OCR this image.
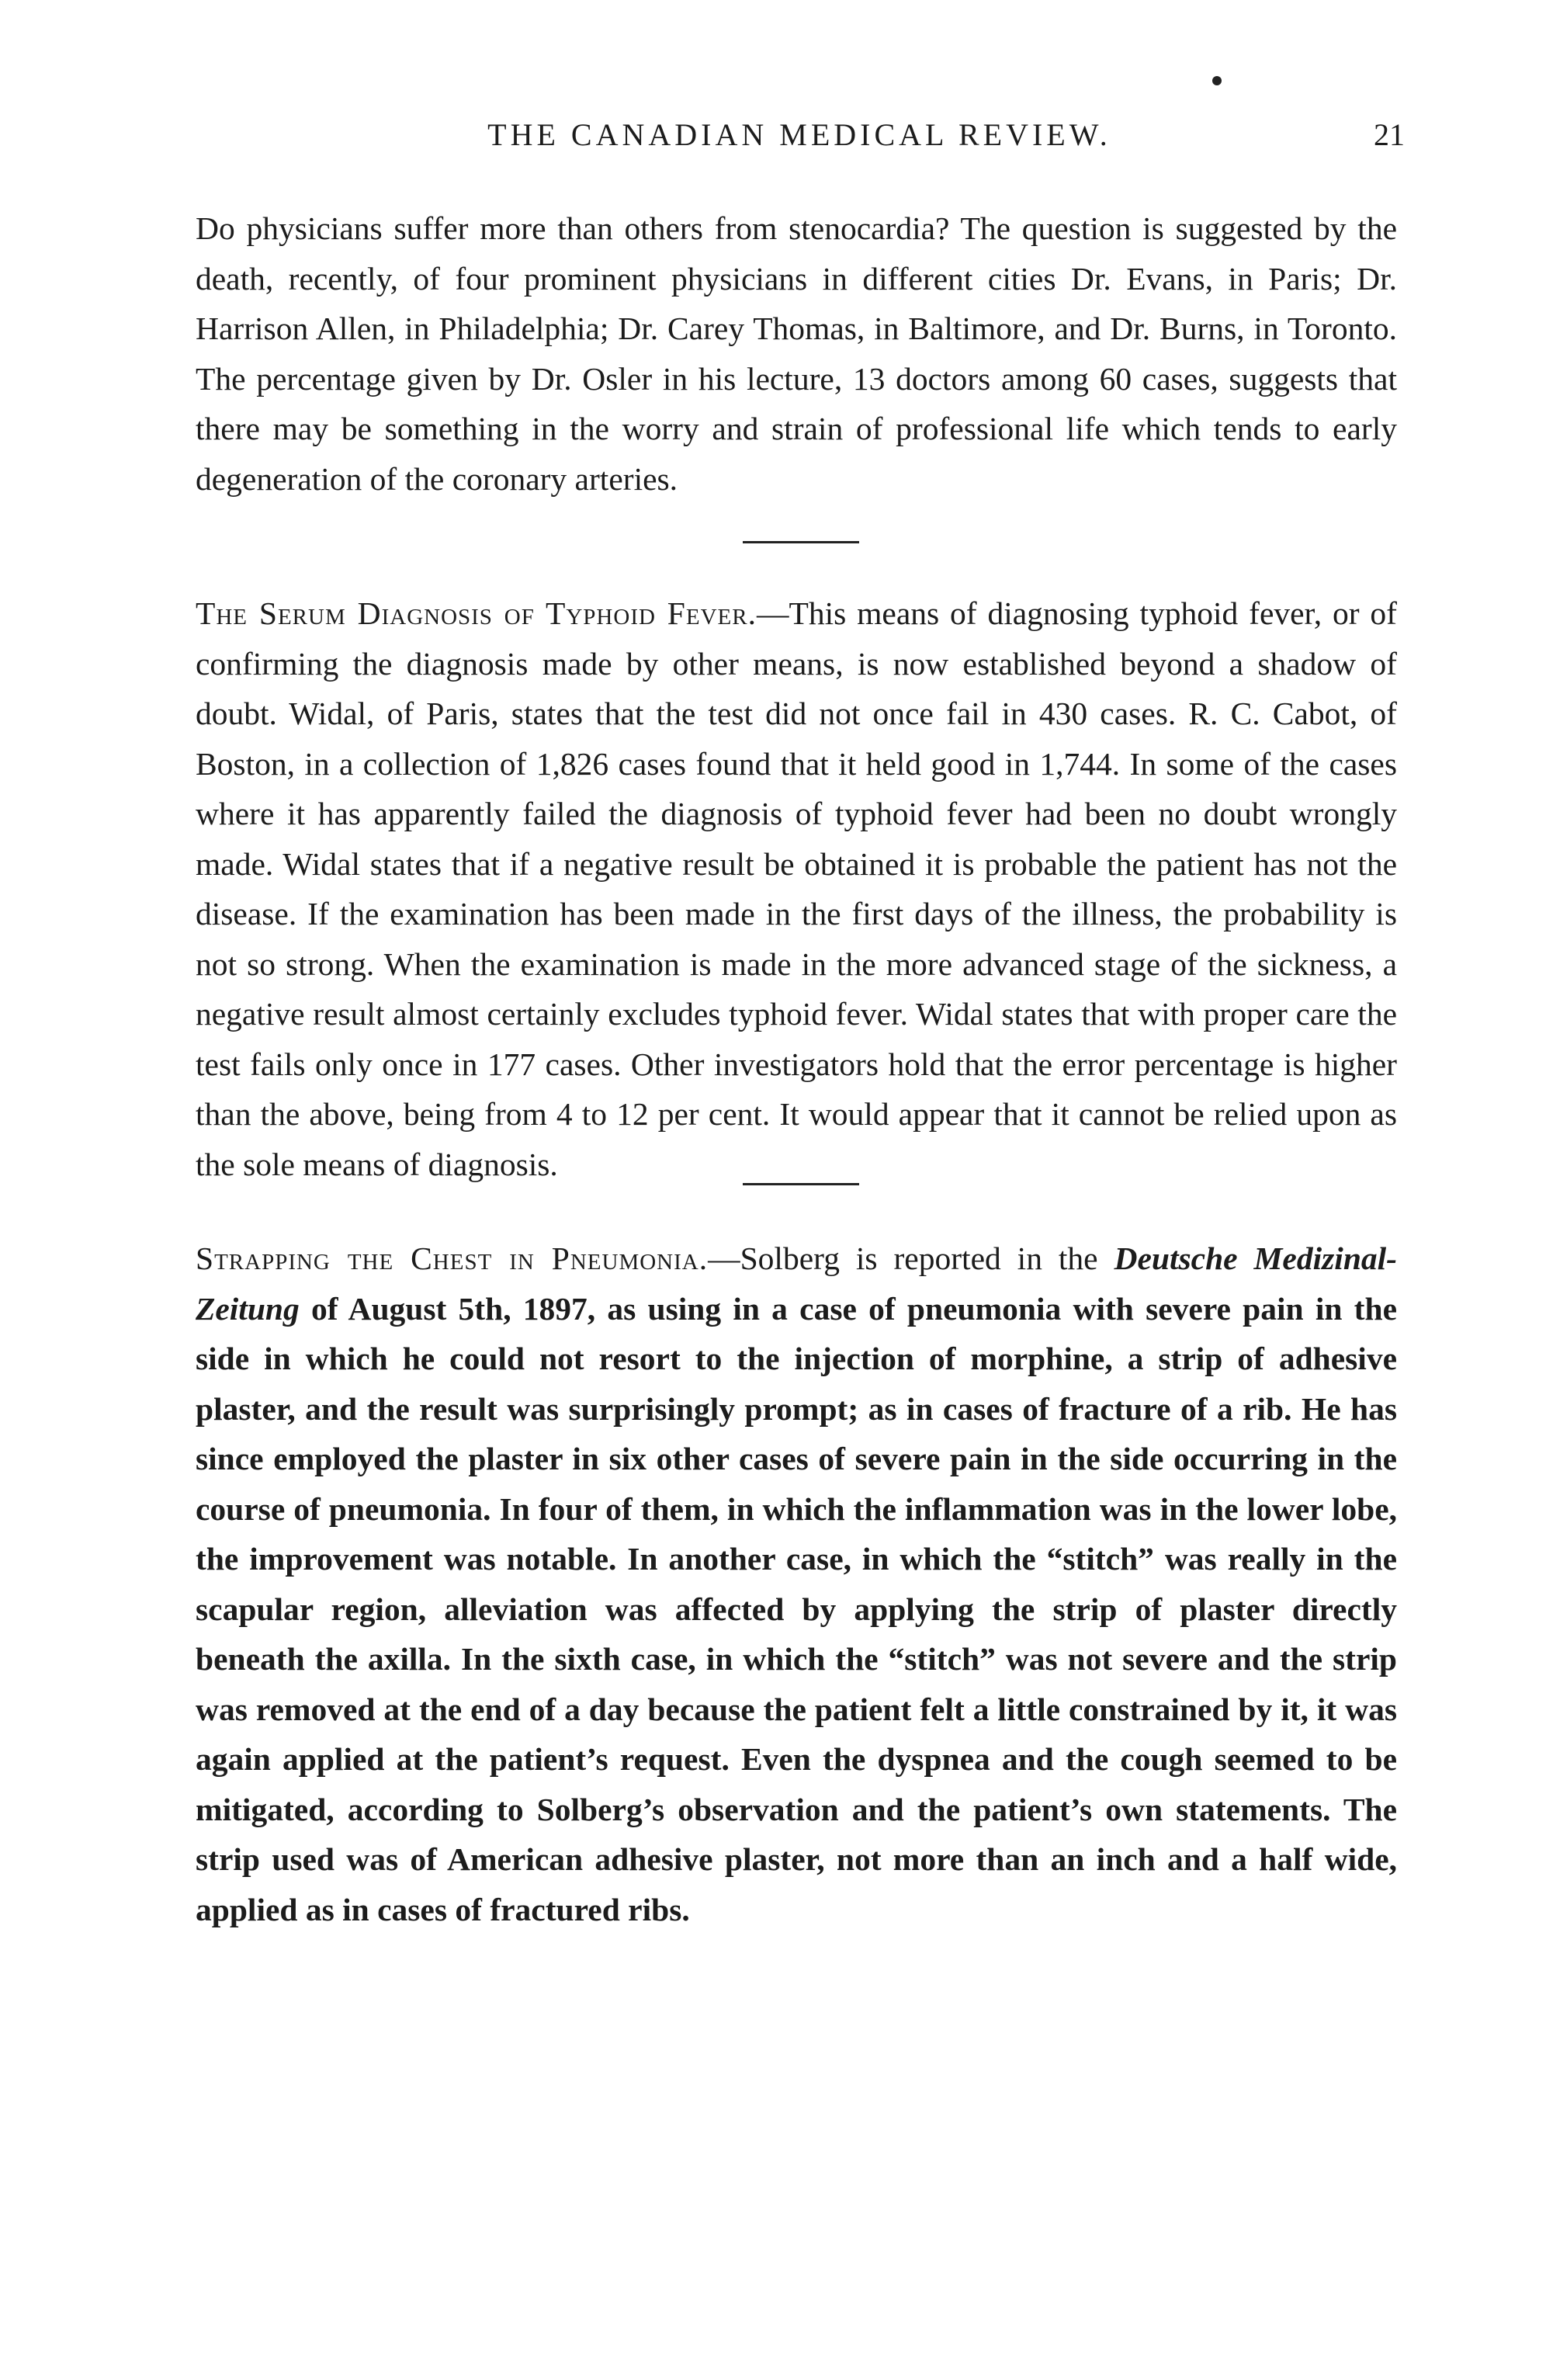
THE CANADIAN MEDICAL REVIEW.	21

Do physicians suffer more than others from stenocardia? The question is suggested by the death, recently, of four prominent physicians in different cities Dr. Evans, in Paris; Dr. Harrison Allen, in Philadelphia; Dr. Carey Thomas, in Baltimore, and Dr. Burns, in Toronto. The percentage given by Dr. Osler in his lecture, 13 doctors among 60 cases, suggests that there may be something in the worry and strain of professional life which tends to early degeneration of the coronary arteries.

The Serum Diagnosis of Typhoid Fever.—This means of diagnosing typhoid fever, or of confirming the diagnosis made by other means, is now established beyond a shadow of doubt. Widal, of Paris, states that the test did not once fail in 430 cases. R. C. Cabot, of Boston, in a collection of 1,826 cases found that it held good in 1,744. In some of the cases where it has apparently failed the diagnosis of typhoid fever had been no doubt wrongly made. Widal states that if a negative result be obtained it is probable the patient has not the disease. If the examination has been made in the first days of the illness, the probability is not so strong. When the examination is made in the more advanced stage of the sickness, a negative result almost certainly excludes typhoid fever. Widal states that with proper care the test fails only once in 177 cases. Other investigators hold that the error percentage is higher than the above, being from 4 to 12 per cent. It would appear that it cannot be relied upon as the sole means of diagnosis.

Strapping the Chest in Pneumonia.—Solberg is reported in the Deutsche Medizinal-Zeitung of August 5th, 1897, as using in a case of pneumonia with severe pain in the side in which he could not resort to the injection of morphine, a strip of adhesive plaster, and the result was surprisingly prompt; as in cases of fracture of a rib. He has since employed the plaster in six other cases of severe pain in the side occurring in the course of pneumonia. In four of them, in which the inflammation was in the lower lobe, the improvement was notable. In another case, in which the “stitch” was really in the scapular region, alleviation was affected by applying the strip of plaster directly beneath the axilla. In the sixth case, in which the “stitch” was not severe and the strip was removed at the end of a day because the patient felt a little constrained by it, it was again applied at the patient’s request. Even the dyspnea and the cough seemed to be mitigated, according to Solberg’s observation and the patient’s own statements. The strip used was of American adhesive plaster, not more than an inch and a half wide, applied as in cases of fractured ribs.
